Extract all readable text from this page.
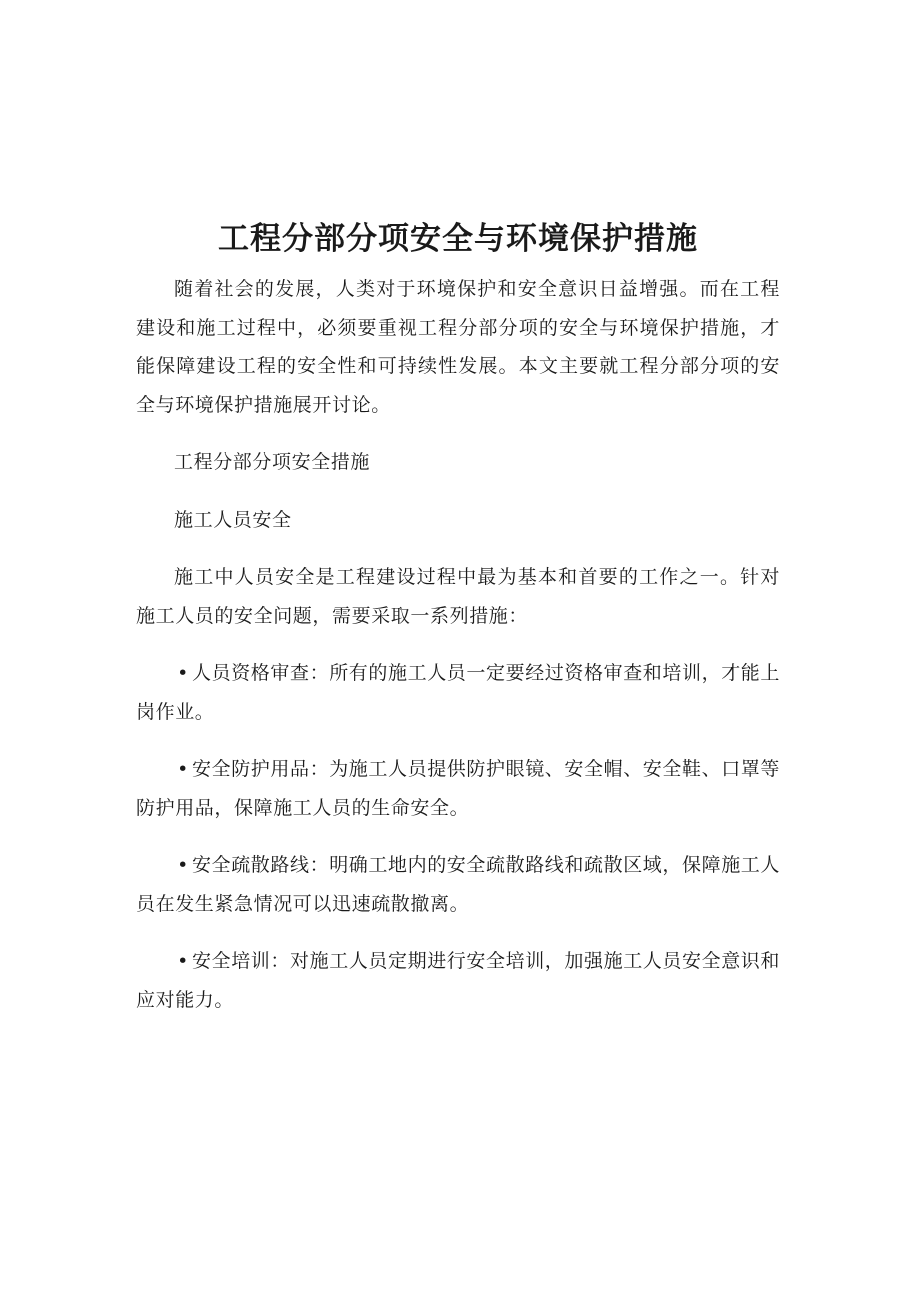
工程分部分项安全与环境保护措施

随着社会的发展，人类对于环境保护和安全意识日益增强。而在工程建设和施工过程中，必须要重视工程分部分项的安全与环境保护措施，才能保障建设工程的安全性和可持续性发展。本文主要就工程分部分项的安全与环境保护措施展开讨论。

工程分部分项安全措施

施工人员安全

施工中人员安全是工程建设过程中最为基本和首要的工作之一。针对施工人员的安全问题，需要采取一系列措施：

• 人员资格审查：所有的施工人员一定要经过资格审查和培训，才能上岗作业。

• 安全防护用品：为施工人员提供防护眼镜、安全帽、安全鞋、口罩等防护用品，保障施工人员的生命安全。

• 安全疏散路线：明确工地内的安全疏散路线和疏散区域，保障施工人员在发生紧急情况可以迅速疏散撤离。

• 安全培训：对施工人员定期进行安全培训，加强施工人员安全意识和应对能力。
